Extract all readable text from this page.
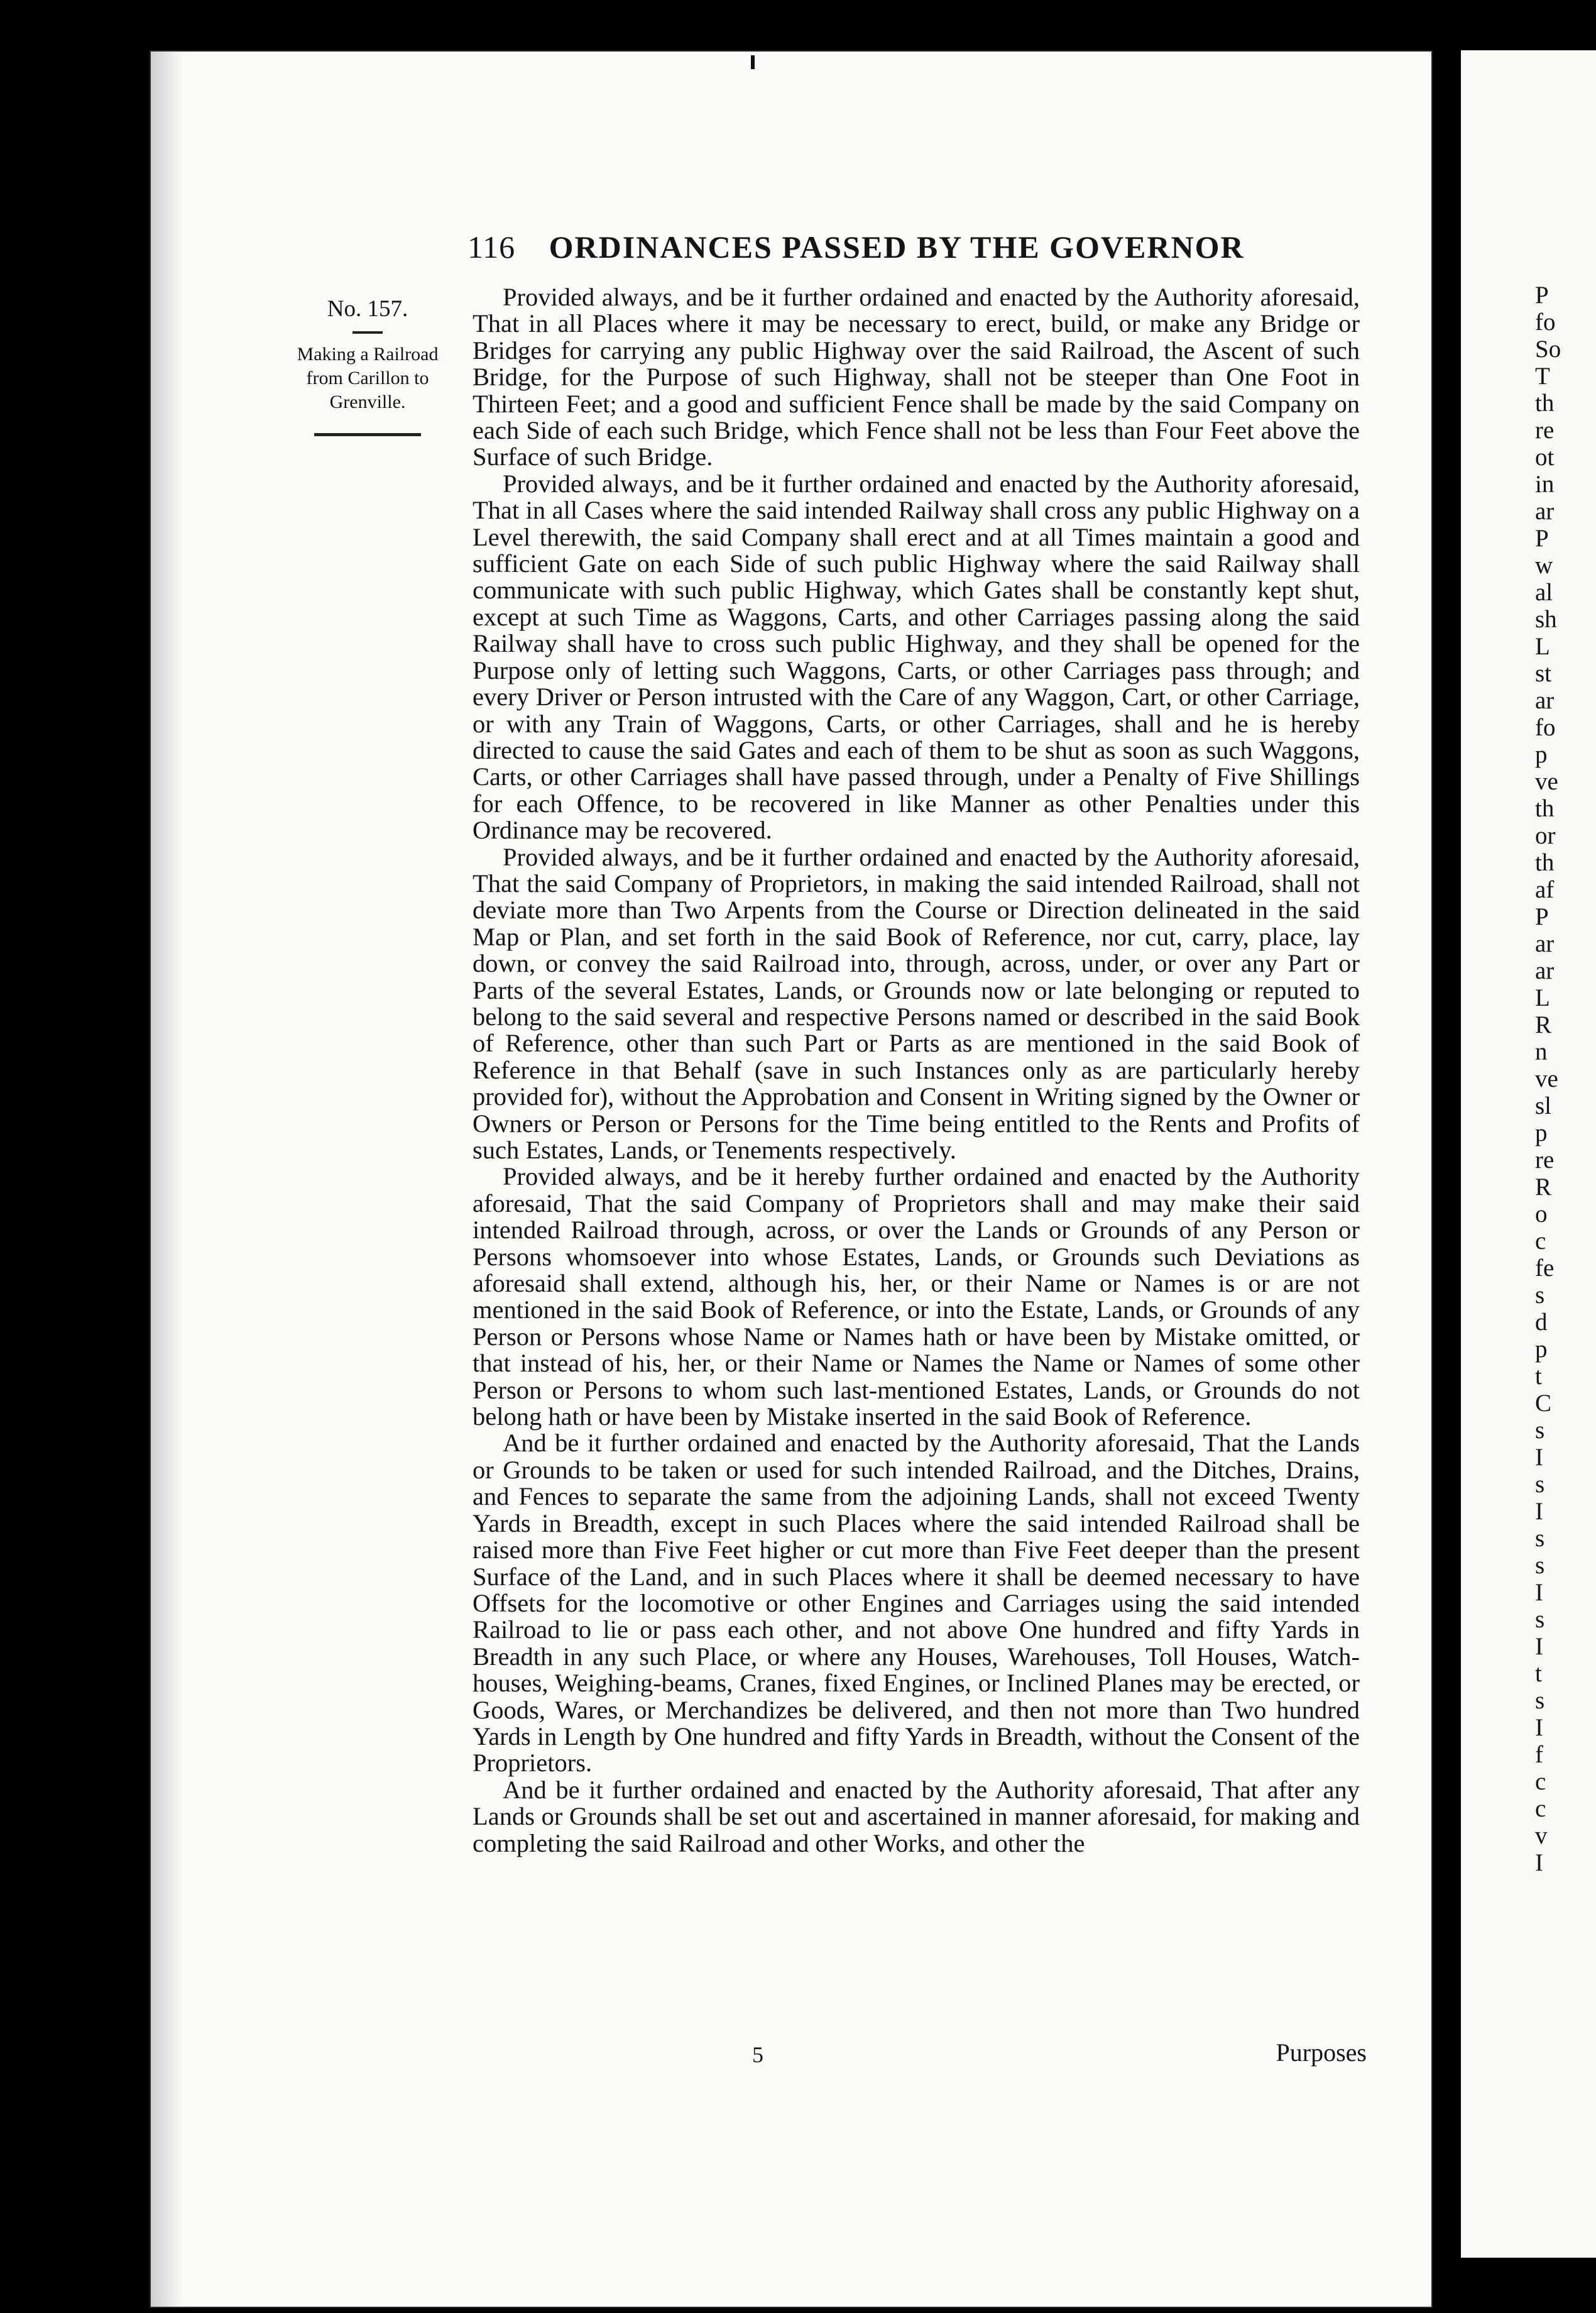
P
fo
So
T
th
re
ot
in
ar
P
w
al
sh
L
st
ar
fo
p
ve
th
or
th
af
P
ar
ar
L
R
n
ve
sl
p
re
R
o
c
fe
s
d
p
t
C
s
I
s
I
s
s
I
s
I
t
s
I
f
c
c
v
I
116 ORDINANCES PASSED BY THE GOVERNOR
No. 157.
Making a Railroad
from Carillon to
Grenville.

Provided always, and be it further ordained and enacted by the Authority aforesaid, That in all Places where it may be necessary to erect, build, or make any Bridge or Bridges for carrying any public Highway over the said Railroad, the Ascent of such Bridge, for the Purpose of such Highway, shall not be steeper than One Foot in Thirteen Feet; and a good and sufficient Fence shall be made by the said Company on each Side of each such Bridge, which Fence shall not be less than Four Feet above the Surface of such Bridge.

Provided always, and be it further ordained and enacted by the Authority aforesaid, That in all Cases where the said intended Railway shall cross any public Highway on a Level therewith, the said Company shall erect and at all Times maintain a good and sufficient Gate on each Side of such public Highway where the said Railway shall communicate with such public Highway, which Gates shall be constantly kept shut, except at such Time as Waggons, Carts, and other Carriages passing along the said Railway shall have to cross such public Highway, and they shall be opened for the Purpose only of letting such Waggons, Carts, or other Carriages pass through; and every Driver or Person intrusted with the Care of any Waggon, Cart, or other Carriage, or with any Train of Waggons, Carts, or other Carriages, shall and he is hereby directed to cause the said Gates and each of them to be shut as soon as such Waggons, Carts, or other Carriages shall have passed through, under a Penalty of Five Shillings for each Offence, to be recovered in like Manner as other Penalties under this Ordinance may be recovered.

Provided always, and be it further ordained and enacted by the Authority aforesaid, That the said Company of Proprietors, in making the said intended Railroad, shall not deviate more than Two Arpents from the Course or Direction delineated in the said Map or Plan, and set forth in the said Book of Reference, nor cut, carry, place, lay down, or convey the said Railroad into, through, across, under, or over any Part or Parts of the several Estates, Lands, or Grounds now or late belonging or reputed to belong to the said several and respective Persons named or described in the said Book of Reference, other than such Part or Parts as are mentioned in the said Book of Reference in that Behalf (save in such Instances only as are particularly hereby provided for), without the Approbation and Consent in Writing signed by the Owner or Owners or Person or Persons for the Time being entitled to the Rents and Profits of such Estates, Lands, or Tenements respectively.

Provided always, and be it hereby further ordained and enacted by the Authority aforesaid, That the said Company of Proprietors shall and may make their said intended Railroad through, across, or over the Lands or Grounds of any Person or Persons whomsoever into whose Estates, Lands, or Grounds such Deviations as aforesaid shall extend, although his, her, or their Name or Names is or are not mentioned in the said Book of Reference, or into the Estate, Lands, or Grounds of any Person or Persons whose Name or Names hath or have been by Mistake omitted, or that instead of his, her, or their Name or Names the Name or Names of some other Person or Persons to whom such last-mentioned Estates, Lands, or Grounds do not belong hath or have been by Mistake inserted in the said Book of Reference.

And be it further ordained and enacted by the Authority aforesaid, That the Lands or Grounds to be taken or used for such intended Railroad, and the Ditches, Drains, and Fences to separate the same from the adjoining Lands, shall not exceed Twenty Yards in Breadth, except in such Places where the said intended Railroad shall be raised more than Five Feet higher or cut more than Five Feet deeper than the present Surface of the Land, and in such Places where it shall be deemed necessary to have Offsets for the locomotive or other Engines and Carriages using the said intended Railroad to lie or pass each other, and not above One hundred and fifty Yards in Breadth in any such Place, or where any Houses, Warehouses, Toll Houses, Watch-houses, Weighing-beams, Cranes, fixed Engines, or Inclined Planes may be erected, or Goods, Wares, or Merchandizes be delivered, and then not more than Two hundred Yards in Length by One hundred and fifty Yards in Breadth, without the Consent of the Proprietors.

And be it further ordained and enacted by the Authority aforesaid, That after any Lands or Grounds shall be set out and ascertained in manner aforesaid, for making and completing the said Railroad and other Works, and other the

5	Purposes
